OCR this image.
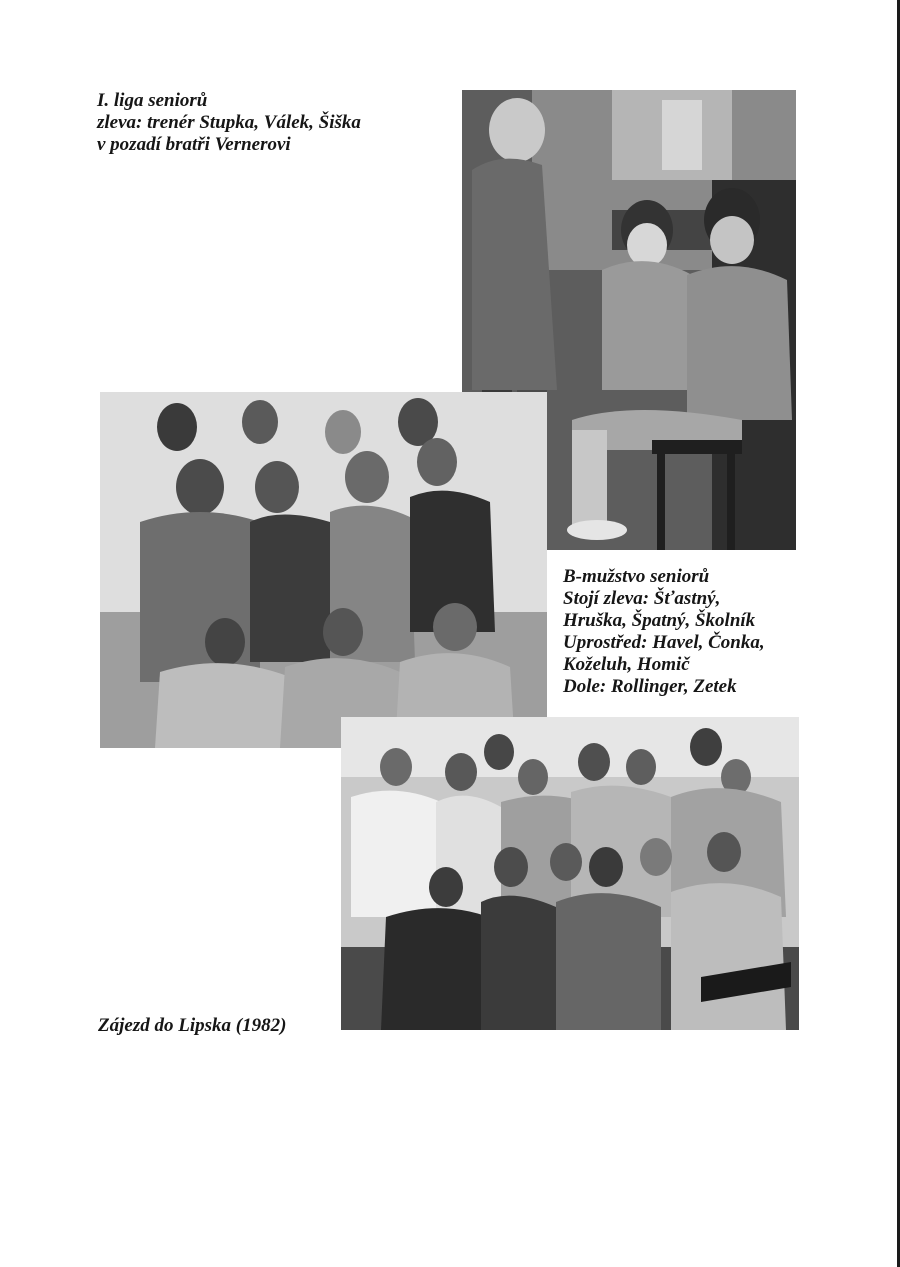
I. liga seniorů
zleva: trenér Stupka, Válek, Šiška
v pozadí bratři Vernerovi
B-mužstvo seniorů
Stojí zleva: Šťastný,
Hruška, Špatný, Školník
Uprostřed: Havel, Čonka,
Koželuh, Homič
Dole: Rollinger, Zetek
Zájezd do Lipska (1982)
